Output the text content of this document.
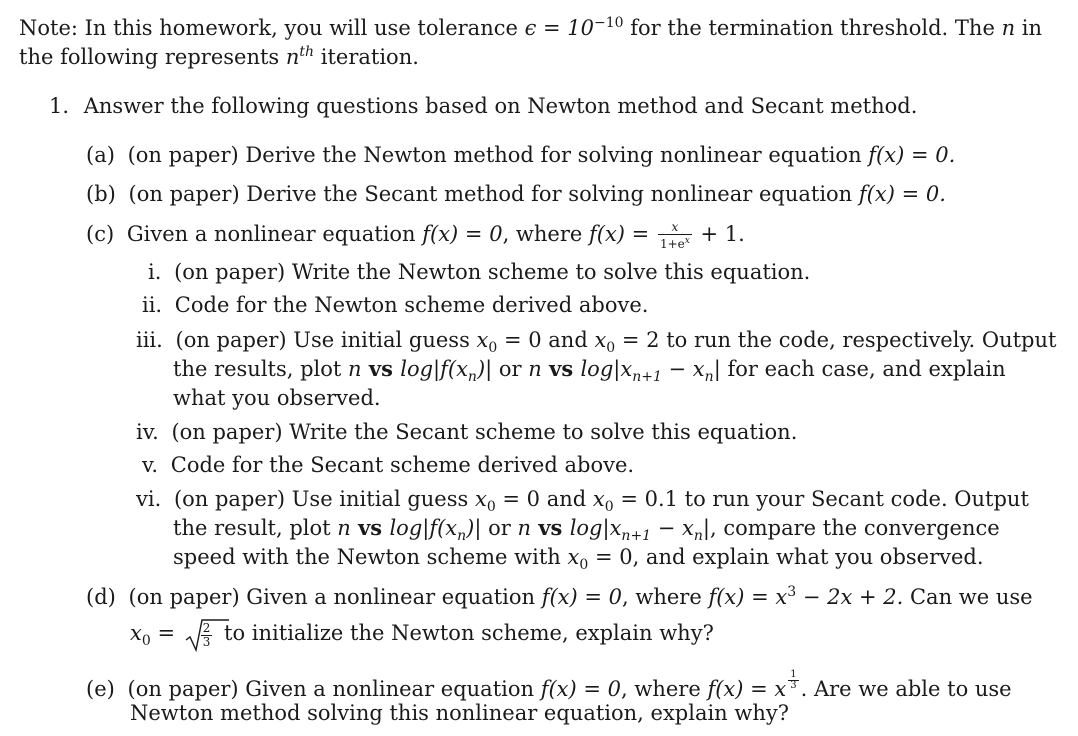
Note: In this homework, you will use tolerance $\epsilon = 10^{-10}$ for the termination threshold. The n in
the following represents $n^{th}$ iteration.
1. Answer the following questions based on Newton method and Secant method.
(a) (on paper) Derive the Newton method for solving nonlinear equation f(x) = 0.
(b) (on paper) Derive the Secant method for solving nonlinear equation f(x) = 0.
(c) Given a nonlinear equation f(x) = 0, where $f(x) = \frac{x}{1+e^x} + 1$.
i. (on paper) Write the Newton scheme to solve this equation.
ii. Code for the Newton scheme derived above.
iii. (on paper) Use initial guess $x_0 = 0$ and $x_0 = 2$ to run the code, respectively. Output
the results, plot n vs $\log|f(x_n)|$ or n vs $\log|x_{n+1} - x_n|$ for each case, and explain
what you observed.
iv. (on paper) Write the Secant scheme to solve this equation.
v. Code for the Secant scheme derived above.
vi. (on paper) Use initial guess $x_0 = 0$ and $x_0 = 0.1$ to run your Secant code. Output
the result, plot n vs $\log|f(x_n)|$ or n vs $\log|x_{n+1} - x_n|$, compare the convergence
speed with the Newton scheme with $x_0 = 0$, and explain what you observed.
(d) (on paper) Given a nonlinear equation f(x) = 0, where $f(x) = x^3 - 2x + 2$. Can we use
$x_0 = \frac{2}{3}$ to initialize the Newton scheme, explain why?
(e) (on paper) Given a nonlinear equation f(x) = 0, where f(x) = x $\frac{1}{3}$ . Are we able to use
Newton method solving this nonlinear equation, explain why?
